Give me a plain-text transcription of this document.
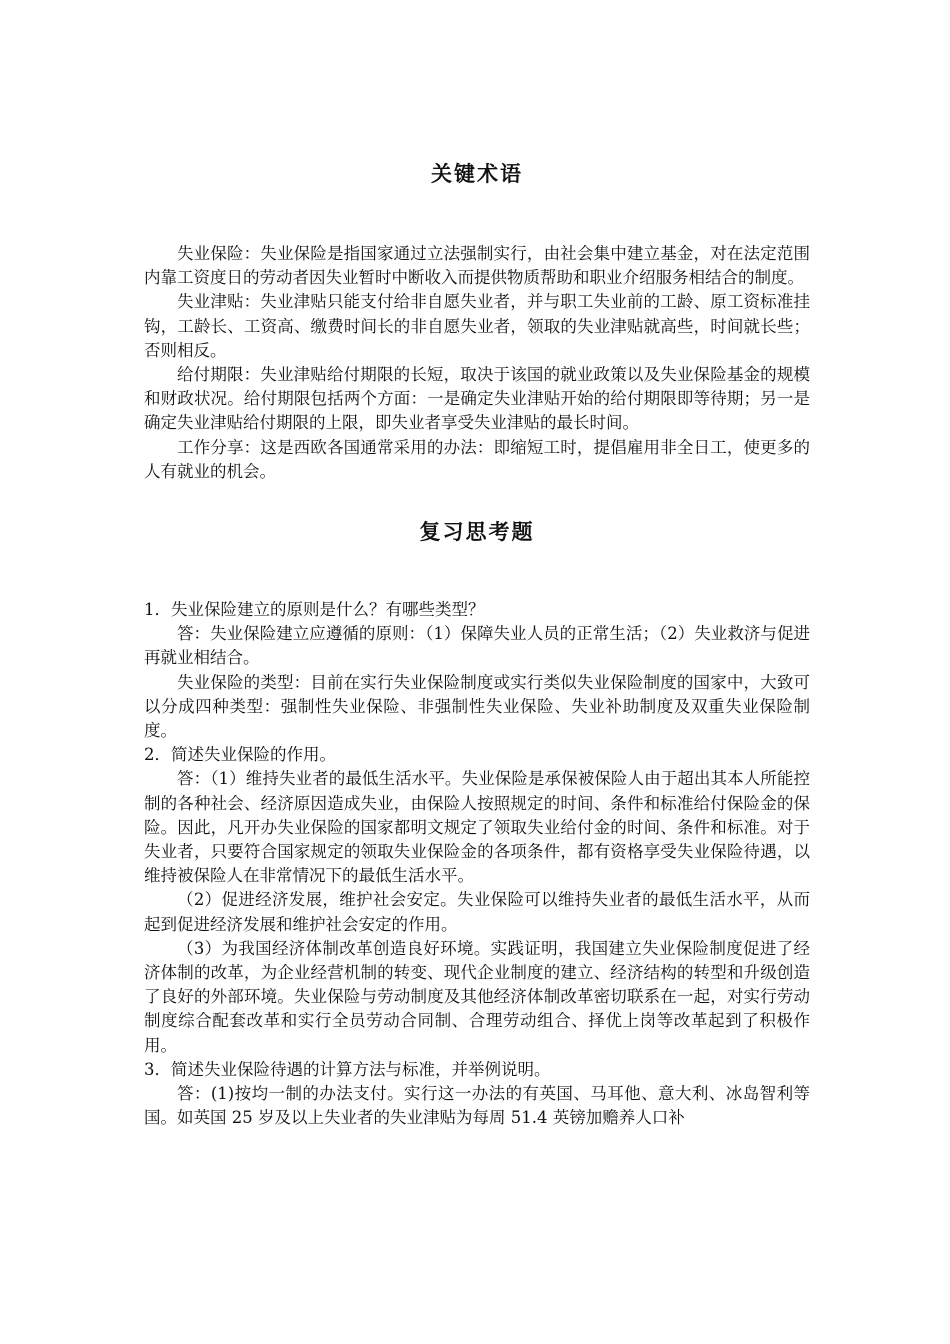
关键术语

失业保险：失业保险是指国家通过立法强制实行，由社会集中建立基金，对在法定范围内靠工资度日的劳动者因失业暂时中断收入而提供物质帮助和职业介绍服务相结合的制度。

失业津贴：失业津贴只能支付给非自愿失业者，并与职工失业前的工龄、原工资标准挂钩，工龄长、工资高、缴费时间长的非自愿失业者，领取的失业津贴就高些，时间就长些；否则相反。

给付期限：失业津贴给付期限的长短，取决于该国的就业政策以及失业保险基金的规模和财政状况。给付期限包括两个方面：一是确定失业津贴开始的给付期限即等待期；另一是确定失业津贴给付期限的上限，即失业者享受失业津贴的最长时间。

工作分享：这是西欧各国通常采用的办法：即缩短工时，提倡雇用非全日工，使更多的人有就业的机会。

复习思考题

1．失业保险建立的原则是什么？有哪些类型？

答：失业保险建立应遵循的原则：（1）保障失业人员的正常生活；（2）失业救济与促进再就业相结合。

失业保险的类型：目前在实行失业保险制度或实行类似失业保险制度的国家中，大致可以分成四种类型：强制性失业保险、非强制性失业保险、失业补助制度及双重失业保险制度。

2．简述失业保险的作用。

答：（1）维持失业者的最低生活水平。失业保险是承保被保险人由于超出其本人所能控制的各种社会、经济原因造成失业，由保险人按照规定的时间、条件和标准给付保险金的保险。因此，凡开办失业保险的国家都明文规定了领取失业给付金的时间、条件和标准。对于失业者，只要符合国家规定的领取失业保险金的各项条件，都有资格享受失业保险待遇，以维持被保险人在非常情况下的最低生活水平。

（2）促进经济发展，维护社会安定。失业保险可以维持失业者的最低生活水平，从而起到促进经济发展和维护社会安定的作用。

（3）为我国经济体制改革创造良好环境。实践证明，我国建立失业保险制度促进了经济体制的改革，为企业经营机制的转变、现代企业制度的建立、经济结构的转型和升级创造了良好的外部环境。失业保险与劳动制度及其他经济体制改革密切联系在一起，对实行劳动制度综合配套改革和实行全员劳动合同制、合理劳动组合、择优上岗等改革起到了积极作用。

3．简述失业保险待遇的计算方法与标准，并举例说明。

答：(1)按均一制的办法支付。实行这一办法的有英国、马耳他、意大利、冰岛智利等国。如英国 25 岁及以上失业者的失业津贴为每周 51.4 英镑加赡养人口补
